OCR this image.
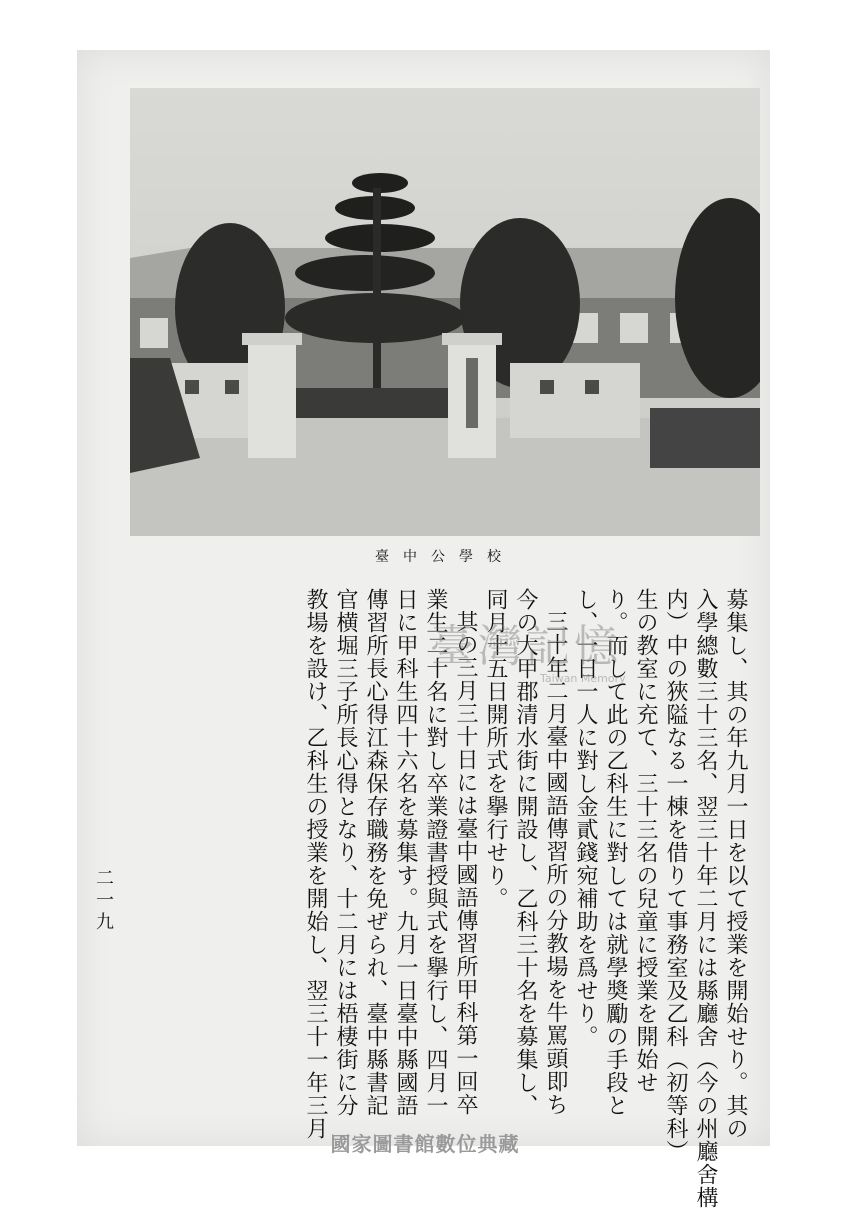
臺中公學校
募集し、其の年九月一日を以て授業を開始せり。其の
入學總數三十三名、翌三十年二月には縣廳舍（今の州廳舍構
内）中の狹隘なる一棟を借りて事務室及乙科（初等科）
生の教室に充て、三十三名の兒童に授業を開始せ
り。而して此の乙科生に對しては就學奬勵の手段と
し、一日一人に對し金貳錢宛補助を爲せり。
三十年二月臺中國語傳習所の分教場を牛罵頭即ち
今の大甲郡清水街に開設し、乙科三十名を募集し、
同月十五日開所式を擧行せり。
其の三月三十日には臺中國語傳習所甲科第一回卒
業生二十名に對し卒業證書授與式を擧行し、四月一
日に甲科生四十六名を募集す。九月一日臺中縣國語
傳習所長心得江森保存職務を免ぜられ、臺中縣書記
官横堀三子所長心得となり、十二月には梧棲街に分
教場を設け、乙科生の授業を開始し、翌三十一年三月
二一九
臺灣記憶
Taiwan Memory
國家圖書館數位典藏
